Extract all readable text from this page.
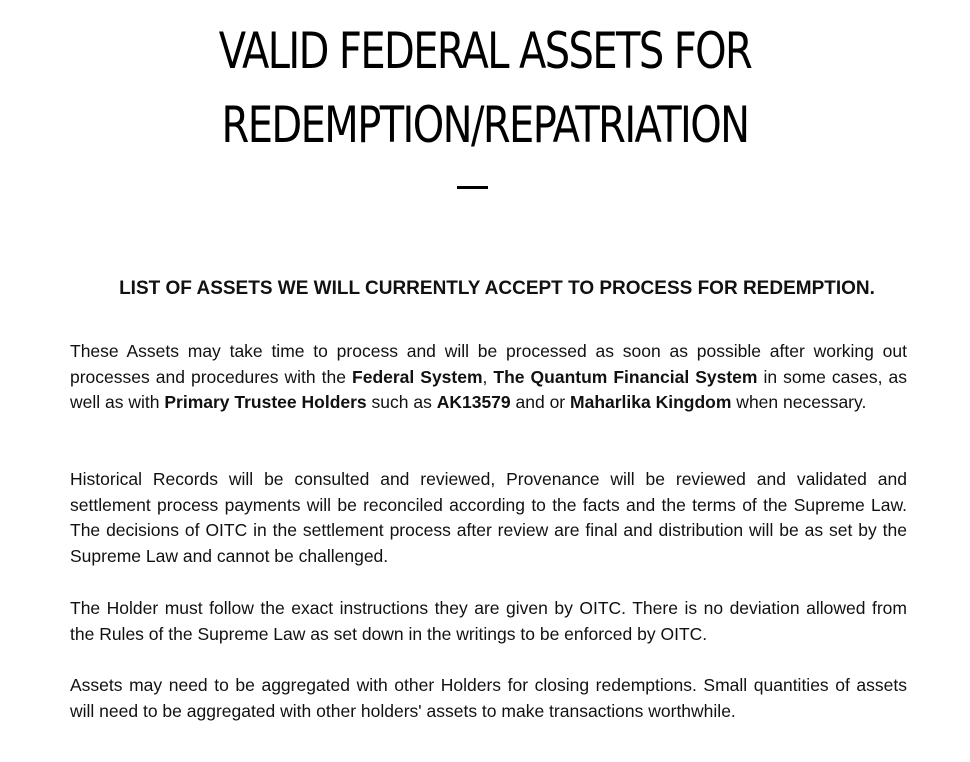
VALID FEDERAL ASSETS FOR
REDEMPTION/REPATRIATION
LIST OF ASSETS WE WILL CURRENTLY ACCEPT TO PROCESS FOR REDEMPTION.

These Assets may take time to process and will be processed as soon as possible after working out processes and procedures with the Federal System, The Quantum Financial System in some cases, as well as with Primary Trustee Holders such as AK13579 and or Maharlika Kingdom when necessary.

Historical Records will be consulted and reviewed, Provenance will be reviewed and validated and settlement process payments will be reconciled according to the facts and the terms of the Supreme Law. The decisions of OITC in the settlement process after review are final and distribution will be as set by the Supreme Law and cannot be challenged.

The Holder must follow the exact instructions they are given by OITC. There is no deviation allowed from the Rules of the Supreme Law as set down in the writings to be enforced by OITC.

Assets may need to be aggregated with other Holders for closing redemptions. Small quantities of assets will need to be aggregated with other holders' assets to make transactions worthwhile.
